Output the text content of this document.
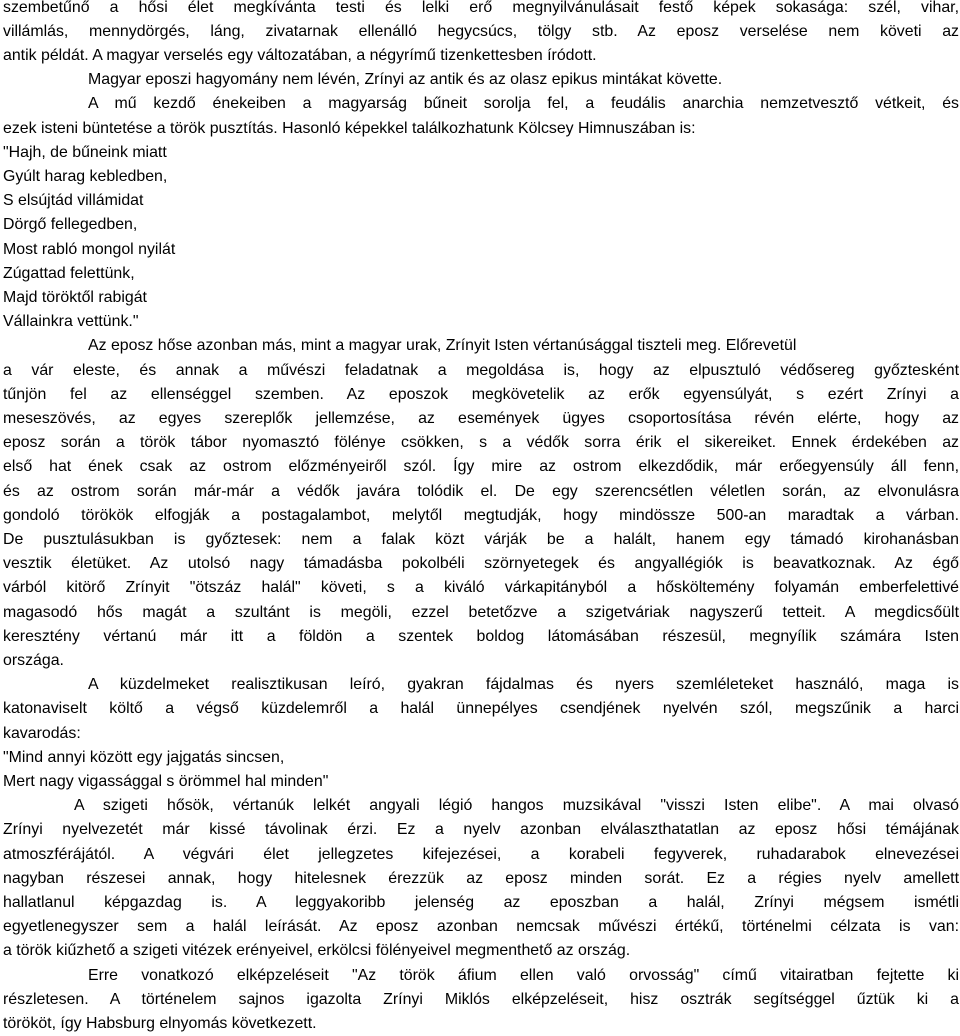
szembetűnő a hősi élet megkívánta testi és lelki erő megnyilvánulásait festő képek sokasága: szél, vihar,
villámlás, mennydörgés, láng, zivatarnak ellenálló hegycsúcs, tölgy stb. Az eposz verselése nem követi az
antik példát. A magyar verselés egy változatában, a négyrímű tizenkettesben íródott.
Magyar eposzi hagyomány nem lévén, Zrínyi az antik és az olasz epikus mintákat követte.
A mű kezdő énekeiben a magyarság bűneit sorolja fel, a feudális anarchia nemzetvesztő vétkeit, és
ezek isteni büntetése a török pusztítás. Hasonló képekkel találkozhatunk Kölcsey Himnuszában is:
"Hajh, de bűneink miatt
Gyúlt harag kebledben,
S elsújtád villámidat
Dörgő fellegedben,
Most rabló mongol nyilát
Zúgattad felettünk,
Majd töröktől rabigát
Vállainkra vettünk."
Az eposz hőse azonban más, mint a magyar urak, Zrínyit Isten vértanúsággal tiszteli meg. Előrevetül
a vár eleste, és annak a művészi feladatnak a megoldása is, hogy az elpusztuló védősereg győztesként
tűnjön fel az ellenséggel szemben. Az eposzok megkövetelik az erők egyensúlyát, s ezért Zrínyi a
meseszövés, az egyes szereplők jellemzése, az események ügyes csoportosítása révén elérte, hogy az
eposz során a török tábor nyomasztó fölénye csökken, s a védők sorra érik el sikereiket. Ennek érdekében az
első hat ének csak az ostrom előzményeiről szól. Így mire az ostrom elkezdődik, már erőegyensúly áll fenn,
és az ostrom során már-már a védők javára tolódik el. De egy szerencsétlen véletlen során, az elvonulásra
gondoló törökök elfogják a postagalambot, melytől megtudják, hogy mindössze 500-an maradtak a várban.
De pusztulásukban is győztesek: nem a falak közt várják be a halált, hanem egy támadó kirohanásban
vesztik életüket. Az utolsó nagy támadásba pokolbéli szörnyetegek és angyallégiók is beavatkoznak. Az égő
várból kitörő Zrínyit "ötszáz halál" követi, s a kiváló várkapitányból a hősköltemény folyamán emberfelettivé
magasodó hős magát a szultánt is megöli, ezzel betetőzve a szigetváriak nagyszerű tetteit. A megdicsőült
keresztény vértanú már itt a földön a szentek boldog látomásában részesül, megnyílik számára Isten
országa.
A küzdelmeket realisztikusan leíró, gyakran fájdalmas és nyers szemléleteket használó, maga is
katonaviselt költő a végső küzdelemről a halál ünnepélyes csendjének nyelvén szól, megszűnik a harci
kavarodás:
"Mind annyi között egy jajgatás sincsen,
Mert nagy vigassággal s örömmel hal minden"
A szigeti hősök, vértanúk lelkét angyali légió hangos muzsikával "visszi Isten elibe". A mai olvasó
Zrínyi nyelvezetét már kissé távolinak érzi. Ez a nyelv azonban elválaszthatatlan az eposz hősi témájának
atmoszférájától. A végvári élet jellegzetes kifejezései, a korabeli fegyverek, ruhadarabok elnevezései
nagyban részesei annak, hogy hitelesnek érezzük az eposz minden sorát. Ez a régies nyelv amellett
hallatlanul képgazdag is. A leggyakoribb jelenség az eposzban a halál, Zrínyi mégsem ismétli
egyetlenegyszer sem a halál leírását. Az eposz azonban nemcsak művészi értékű, történelmi célzata is van:
a török kiűzhető a szigeti vitézek erényeivel, erkölcsi fölényeivel megmenthető az ország.
Erre vonatkozó elképzeléseit "Az török áfium ellen való orvosság" című vitairatban fejtette ki
részletesen. A történelem sajnos igazolta Zrínyi Miklós elképzeléseit, hisz osztrák segítséggel űztük ki a
törököt, így Habsburg elnyomás következett.
